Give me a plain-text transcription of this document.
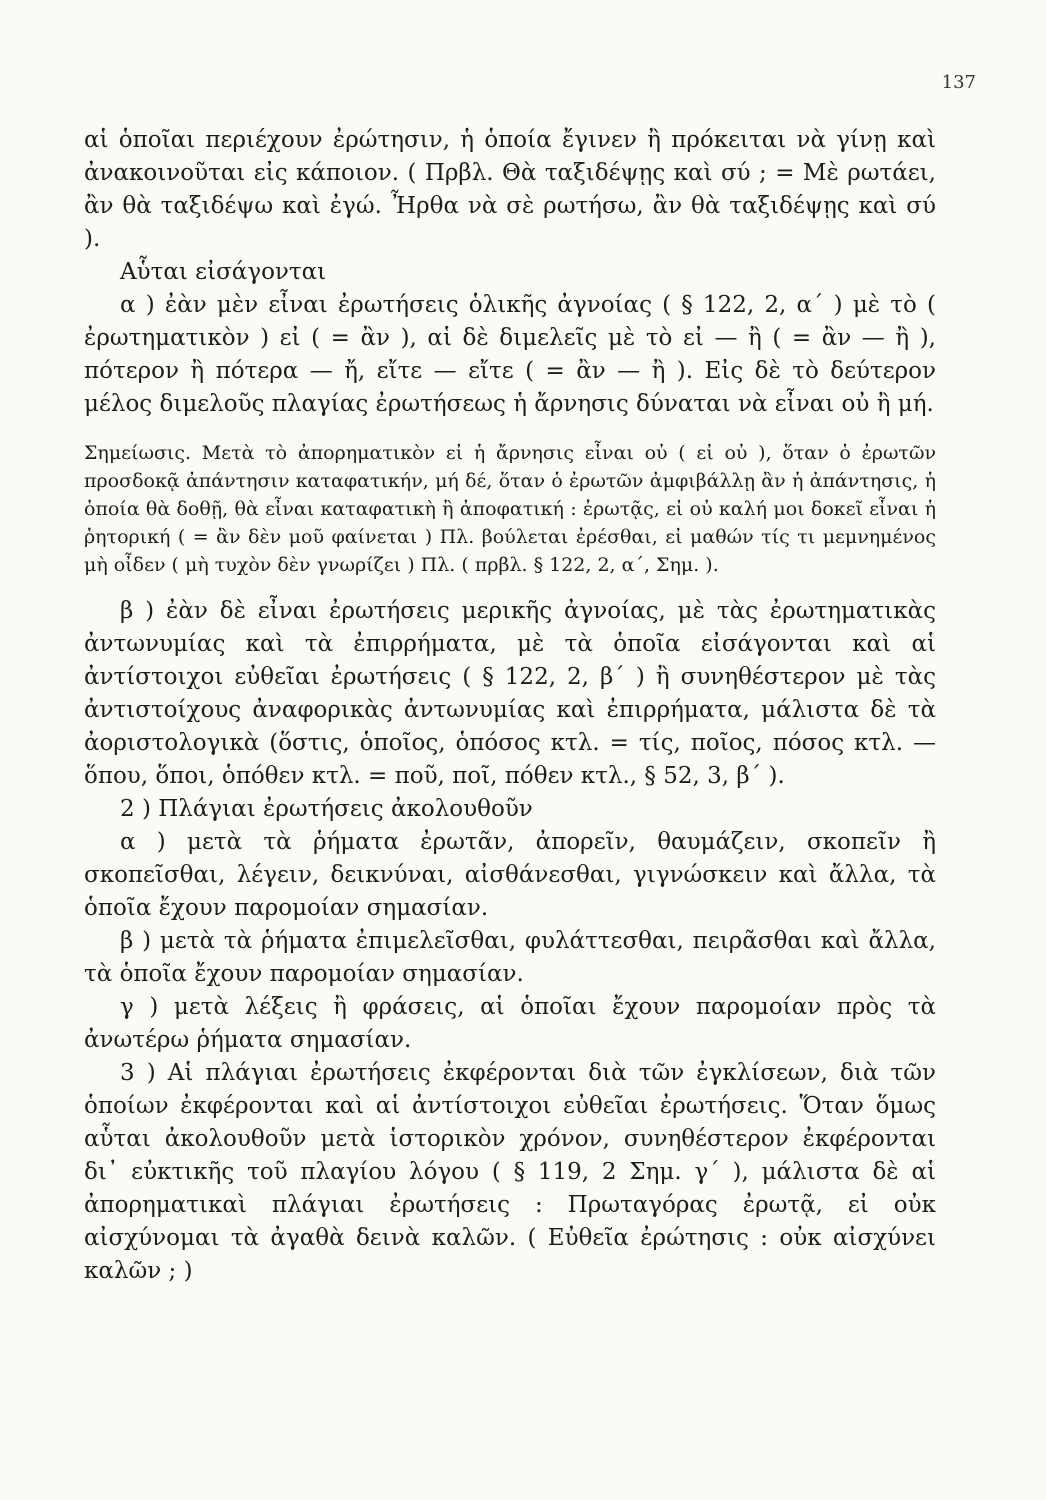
137

αἱ ὁποῖαι περιέχουν ἐρώτησιν, ἡ ὁποία ἔγινεν ἢ πρόκειται νὰ γίνῃ καὶ ἀνακοινοῦται εἰς κάποιον. ( Πρβλ. Θὰ ταξιδέψῃς καὶ σύ ; = Μὲ ρωτάει, ἂν θὰ ταξιδέψω καὶ ἐγώ. Ἦρθα νὰ σὲ ρωτήσω, ἂν θὰ ταξιδέψῃς καὶ σύ ).

Αὗται εἰσάγονται

α ) ἐὰν μὲν εἶναι ἐρωτήσεις ὁλικῆς ἀγνοίας ( § 122, 2, α΄ ) μὲ τὸ ( ἐρωτηματικὸν ) εἰ ( = ἂν ), αἱ δὲ διμελεῖς μὲ τὸ εἰ — ἢ ( = ἂν — ἢ ), πότερον ἢ πότερα — ἤ, εἴτε — εἴτε ( = ἂν — ἢ ). Εἰς δὲ τὸ δεύτερον μέλος διμελοῦς πλαγίας ἐρωτήσεως ἡ ἄρνησις δύναται νὰ εἶναι οὐ ἢ μή.

Σημείωσις. Μετὰ τὸ ἀπορηματικὸν εἰ ἡ ἄρνησις εἶναι οὐ ( εἰ οὐ ), ὅταν ὁ ἐρωτῶν προσδοκᾷ ἀπάντησιν καταφατικήν, μή δέ, ὅταν ὁ ἐρωτῶν ἀμφιβάλλῃ ἂν ἡ ἀπάντησις, ἡ ὁποία θὰ δοθῇ, θὰ εἶναι καταφατικὴ ἢ ἀποφατική : ἐρωτᾷς, εἰ οὐ καλή μοι δοκεῖ εἶναι ἡ ῥητορική ( = ἂν δὲν μοῦ φαίνεται ) Πλ. βούλεται ἐρέσθαι, εἰ μαθών τίς τι μεμνημένος μὴ οἶδεν ( μὴ τυχὸν δὲν γνωρίζει ) Πλ. ( πρβλ. § 122, 2, α΄, Σημ. ).

β ) ἐὰν δὲ εἶναι ἐρωτήσεις μερικῆς ἀγνοίας, μὲ τὰς ἐρωτηματικὰς ἀντωνυμίας καὶ τὰ ἐπιρρήματα, μὲ τὰ ὁποῖα εἰσάγονται καὶ αἱ ἀντίστοιχοι εὐθεῖαι ἐρωτήσεις ( § 122, 2, β΄ ) ἢ συνηθέστερον μὲ τὰς ἀντιστοίχους ἀναφορικὰς ἀντωνυμίας καὶ ἐπιρρήματα, μάλιστα δὲ τὰ ἀοριστολογικὰ (ὅστις, ὁποῖος, ὁπόσος κτλ. = τίς, ποῖος, πόσος κτλ. — ὅπου, ὅποι, ὁπόθεν κτλ. = ποῦ, ποῖ, πόθεν κτλ., § 52, 3, β΄ ).

2 ) Πλάγιαι ἐρωτήσεις ἀκολουθοῦν

α ) μετὰ τὰ ῥήματα ἐρωτᾶν, ἀπορεῖν, θαυμάζειν, σκοπεῖν ἢ σκοπεῖσθαι, λέγειν, δεικνύναι, αἰσθάνεσθαι, γιγνώσκειν καὶ ἄλλα, τὰ ὁποῖα ἔχουν παρομοίαν σημασίαν.

β ) μετὰ τὰ ῥήματα ἐπιμελεῖσθαι, φυλάττεσθαι, πειρᾶσθαι καὶ ἄλλα, τὰ ὁποῖα ἔχουν παρομοίαν σημασίαν.

γ ) μετὰ λέξεις ἢ φράσεις, αἱ ὁποῖαι ἔχουν παρομοίαν πρὸς τὰ ἀνωτέρω ῥήματα σημασίαν.

3 ) Αἱ πλάγιαι ἐρωτήσεις ἐκφέρονται διὰ τῶν ἐγκλίσεων, διὰ τῶν ὁποίων ἐκφέρονται καὶ αἱ ἀντίστοιχοι εὐθεῖαι ἐρωτήσεις. Ὅταν ὅμως αὗται ἀκολουθοῦν μετὰ ἱστορικὸν χρόνον, συνηθέστερον ἐκφέρονται δι᾽ εὐκτικῆς τοῦ πλαγίου λόγου ( § 119, 2 Σημ. γ΄ ), μάλιστα δὲ αἱ ἀπορηματικαὶ πλάγιαι ἐρωτήσεις : Πρωταγόρας ἐρωτᾷ, εἰ οὐκ αἰσχύνομαι τὰ ἀγαθὰ δεινὰ καλῶν. ( Εὐθεῖα ἐρώτησις : οὐκ αἰσχύνει καλῶν ; )
